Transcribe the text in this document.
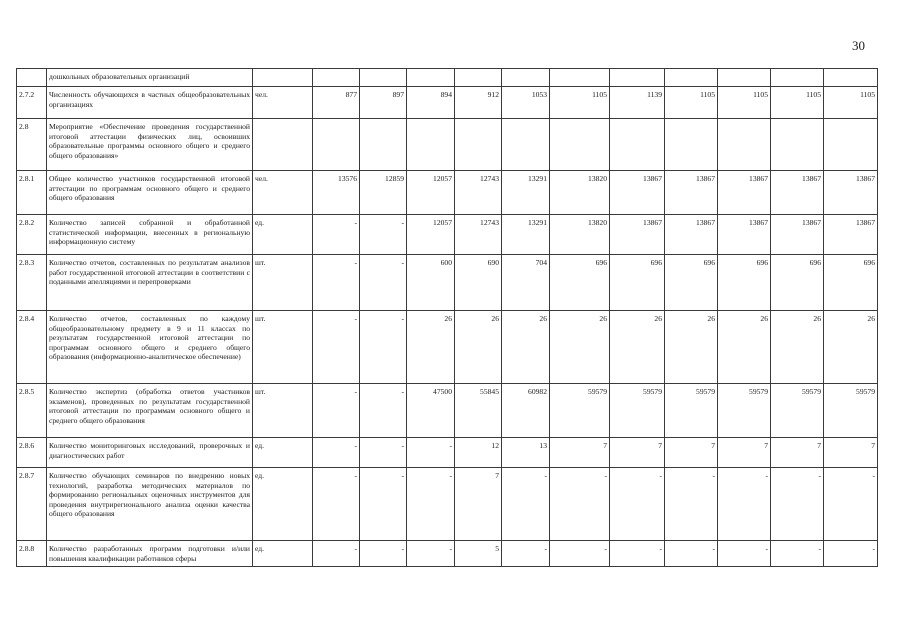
30
	дошкольных образовательных организаций												
2.7.2	Численность обучающихся в частных общеобразовательных организациях	чел.	877	897	894	912	1053	1105	1139	1105	1105	1105	1105
2.8	Мероприятие «Обеспечение проведения государственной итоговой аттестации физических лиц, освоивших образовательные программы основного общего и среднего общего образования»												
2.8.1	Общее количество участников государственной итоговой аттестации по программам основного общего и среднего общего образования	чел.	13576	12859	12057	12743	13291	13820	13867	13867	13867	13867	13867
2.8.2	Количество записей собранной и обработанной статистической информации, внесенных в региональную информационную систему	ед.	-	-	12057	12743	13291	13820	13867	13867	13867	13867	13867
2.8.3	Количество отчетов, составленных по результатам анализов работ государственной итоговой аттестации в соответствии с поданными апелляциями и перепроверками	шт.	-	-	600	690	704	696	696	696	696	696	696
2.8.4	Количество отчетов, составленных по каждому общеобразовательному предмету в 9 и 11 классах по результатам государственной итоговой аттестации по программам основного общего и среднего общего образования (информационно-аналитическое обеспечение)	шт.	-	-	26	26	26	26	26	26	26	26	26
2.8.5	Количество экспертиз (обработка ответов участников экзаменов), проведенных по результатам государственной итоговой аттестации по программам основного общего и среднего общего образования	шт.	-	-	47500	55845	60982	59579	59579	59579	59579	59579	59579
2.8.6	Количество мониторинговых исследований, проверочных и диагностических работ	ед.	-	-	-	12	13	7	7	7	7	7	7
2.8.7	Количество обучающих семинаров по внедрению новых технологий, разработка методических материалов по формированию региональных оценочных инструментов для проведения внутрирегионального анализа оценки качества общего образования	ед.	-	-	-	7	-	-	-	-	-	-	-
2.8.8	Количество разработанных программ подготовки и/или повышения квалификации работников сферы	ед.	-	-	-	5	-	-	-	-	-	-	-
